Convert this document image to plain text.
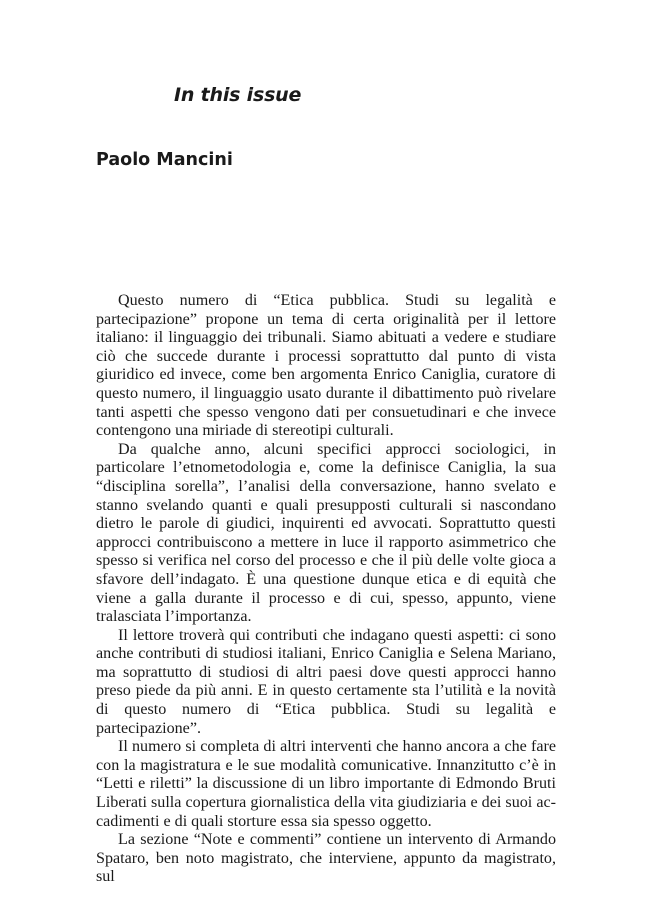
In this issue
Paolo Mancini

Questo numero di “Etica pubblica. Studi su legalità e partecipazione” propone un tema di certa originalità per il lettore italiano: il linguaggio dei tribunali. Siamo abituati a vedere e studiare ciò che succede durante i processi soprattutto dal punto di vista giuridico ed invece, come ben argomenta Enrico Caniglia, curatore di questo numero, il linguaggio usato durante il dibattimento può rivelare tanti aspetti che spesso vengono dati per consuetudinari e che invece contengono una miriade di stereotipi culturali.

Da qualche anno, alcuni specifici approcci sociologici, in particolare l’etnometodologia e, come la definisce Caniglia, la sua “disciplina sorella”, l’analisi della conversazione, hanno svelato e stanno svelando quanti e quali presupposti culturali si nascondano dietro le parole di giudici, inquirenti ed avvocati. Soprattutto questi approcci contribuiscono a mettere in luce il rapporto asimmetrico che spesso si verifica nel corso del processo e che il più delle volte gioca a sfavore dell’indagato. È una questione dunque etica e di equità che viene a galla durante il processo e di cui, spesso, appunto, viene tralasciata l’importanza.

Il lettore troverà qui contributi che indagano questi aspetti: ci sono anche contributi di studiosi italiani, Enrico Caniglia e Selena Mariano, ma soprattutto di studiosi di altri paesi dove questi approcci hanno preso piede da più anni. E in questo certamente sta l’utilità e la novità di questo numero di “Etica pubblica. Studi su legalità e partecipazione”.

Il numero si completa di altri interventi che hanno ancora a che fare con la magistratura e le sue modalità comunicative. Innanzitutto c’è in “Letti e riletti” la discussione di un libro importante di Edmondo Bruti Liberati sulla copertura giornalistica della vita giudiziaria e dei suoi accadimenti e di quali storture essa sia spesso oggetto.

La sezione “Note e commenti” contiene un intervento di Armando Spataro, ben noto magistrato, che interviene, appunto da magistrato, sul
